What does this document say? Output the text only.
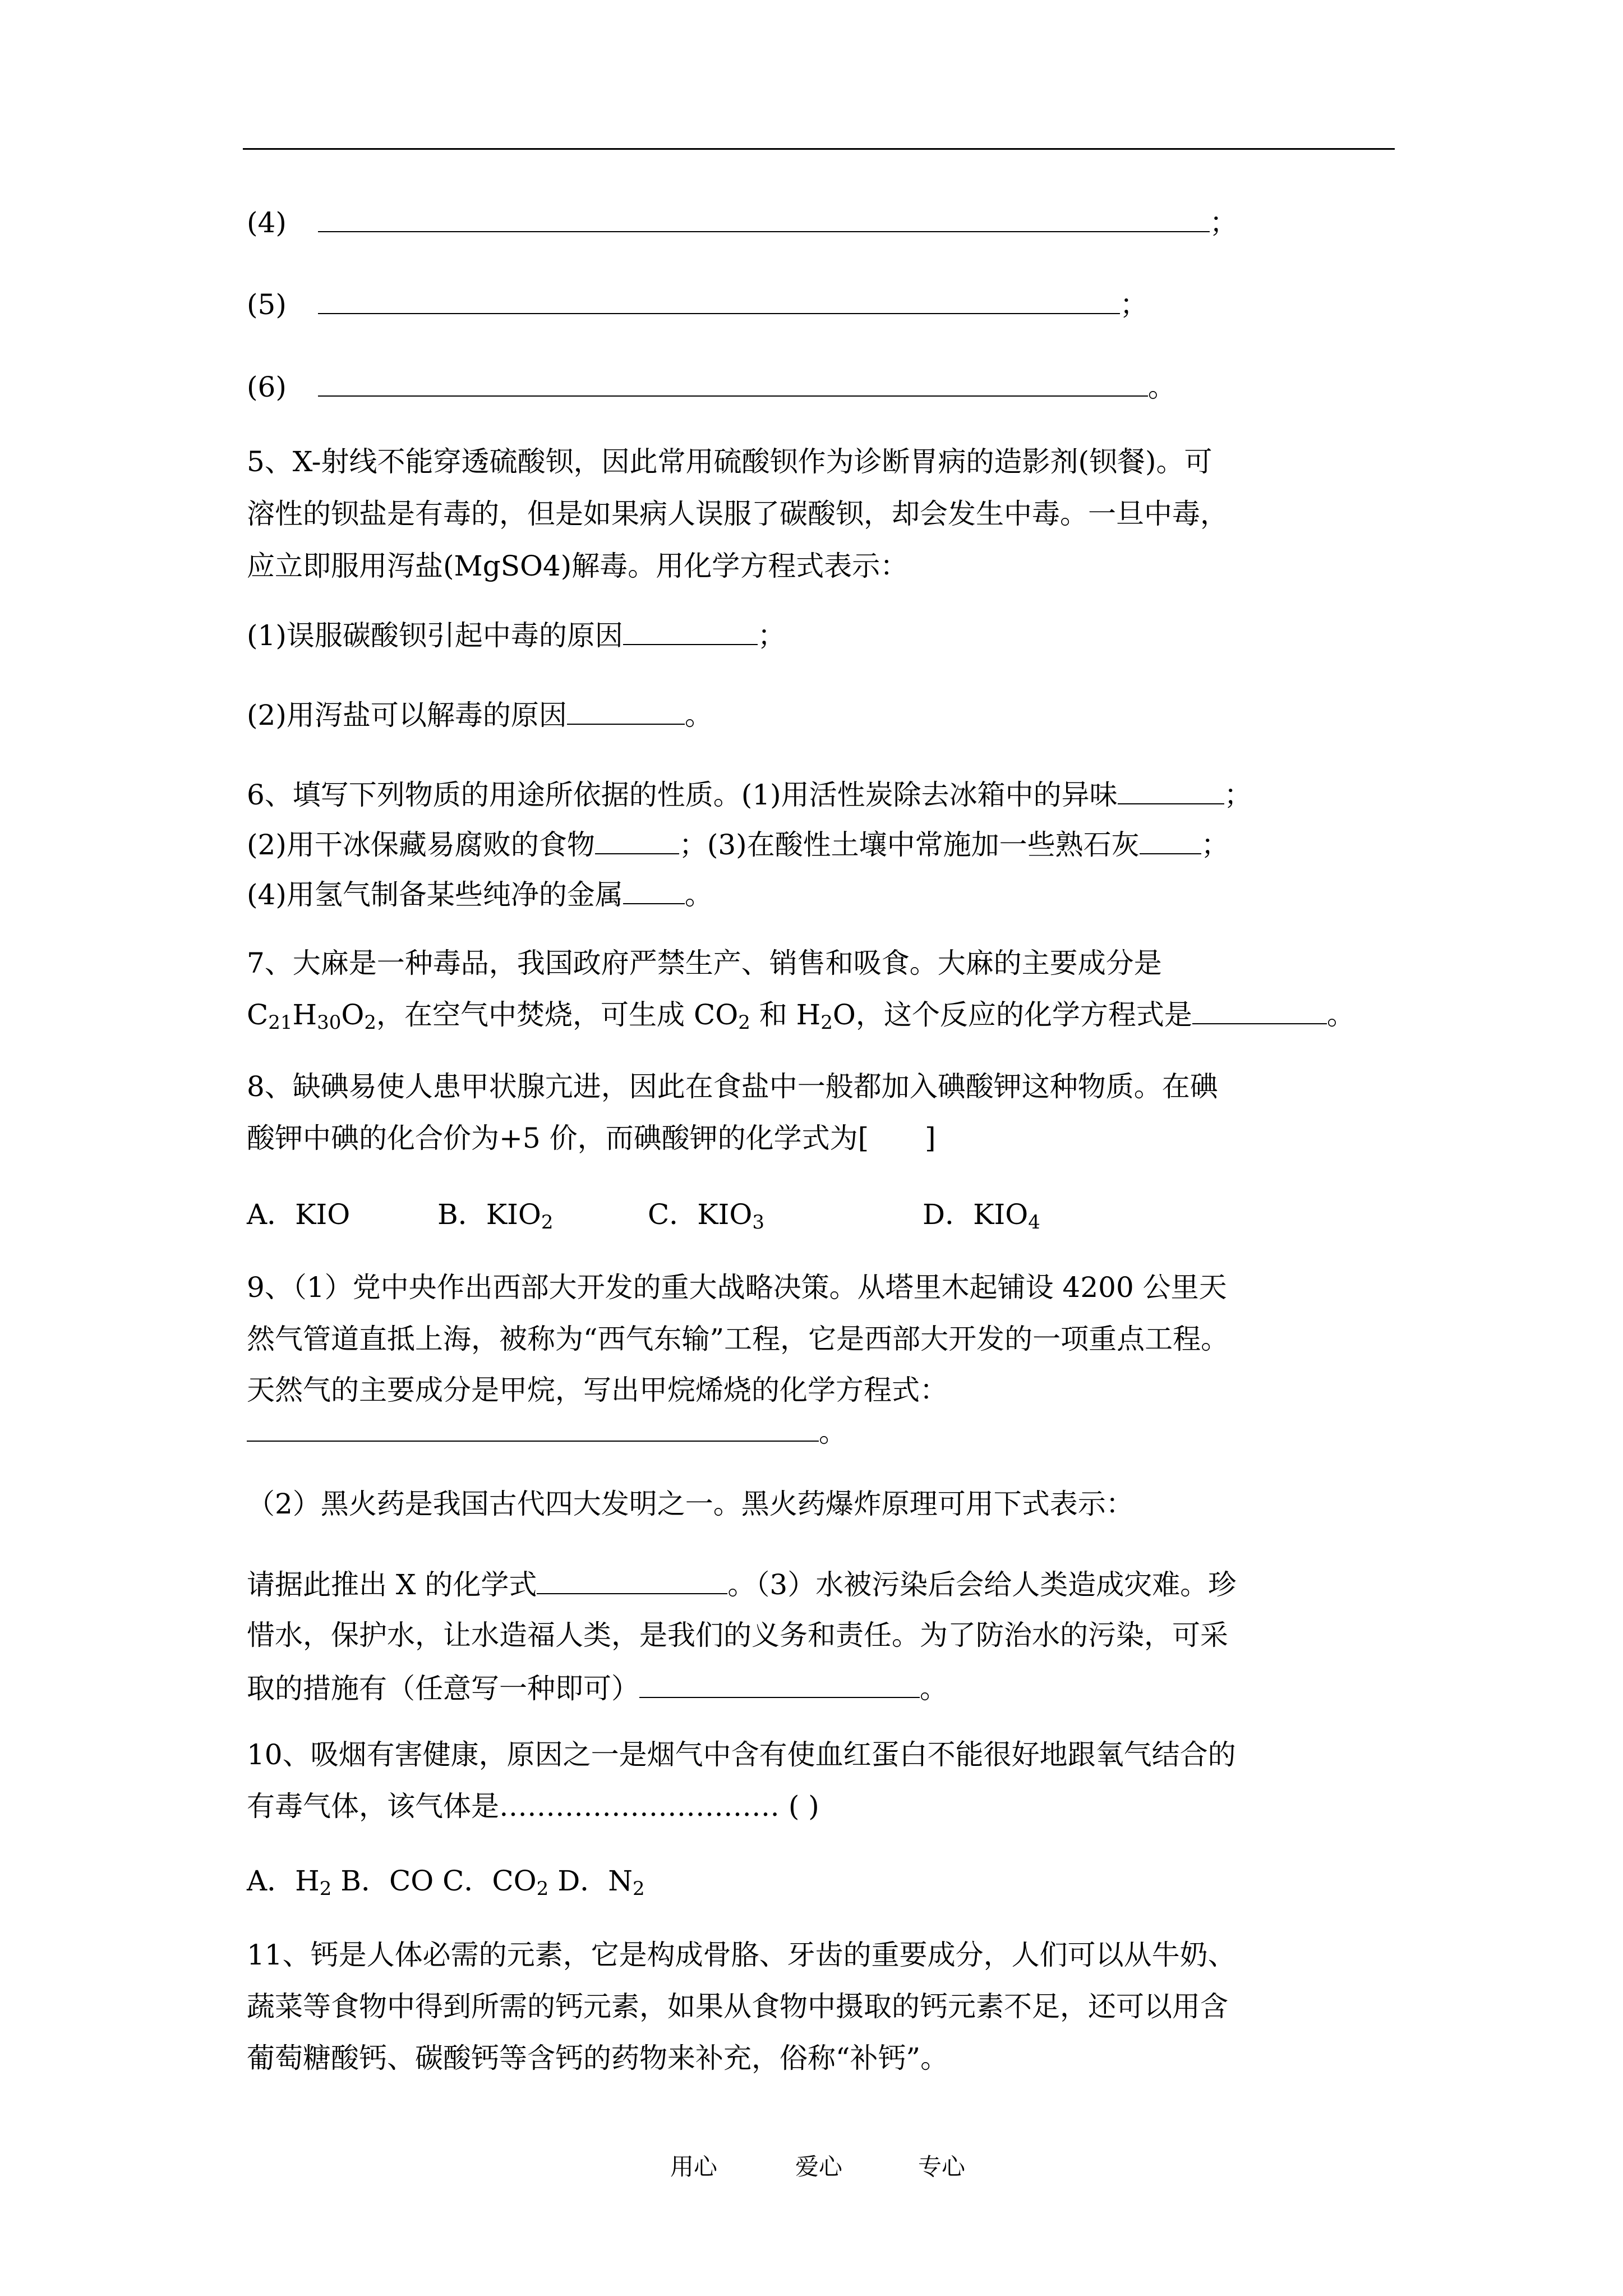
(4)	；
(5)	；
(6)	。
5、X-射线不能穿透硫酸钡，因此常用硫酸钡作为诊断胃病的造影剂(钡餐)。可
溶性的钡盐是有毒的，但是如果病人误服了碳酸钡，却会发生中毒。一旦中毒，
应立即服用泻盐(MgSO4)解毒。用化学方程式表示：
(1)误服碳酸钡引起中毒的原因	；
(2)用泻盐可以解毒的原因	。
6、填写下列物质的用途所依据的性质。(1)用活性炭除去冰箱中的异味	；
(2)用干冰保藏易腐败的食物	；(3)在酸性土壤中常施加一些熟石灰 ；
(4)用氢气制备某些纯净的金属 。
7、大麻是一种毒品，我国政府严禁生产、销售和吸食。大麻的主要成分是
$C_{21}H_{30}O_2$，在空气中焚烧，可生成 $CO_2$ 和 $H_2O$，这个反应的化学方程式是	。
8、缺碘易使人患甲状腺亢进，因此在食盐中一般都加入碘酸钾这种物质。在碘
酸钾中碘的化合价为+5 价，而碘酸钾的化学式为[　　]
A．KIO	B．$KIO_2$	C．$KIO_3$	D．$KIO_4$
9、（1）党中央作出西部大开发的重大战略决策。从塔里木起铺设 4200 公里天
然气管道直抵上海，被称为“西气东输”工程，它是西部大开发的一项重点工程。
天然气的主要成分是甲烷，写出甲烷烯烧的化学方程式：
。
（2）黑火药是我国古代四大发明之一。黑火药爆炸原理可用下式表示：
请据此推出 X 的化学式	。（3）水被污染后会给人类造成灾难。珍
惜水，保护水，让水造福人类，是我们的义务和责任。为了防治水的污染，可采
取的措施有（任意写一种即可）	。
10、吸烟有害健康，原因之一是烟气中含有使血红蛋白不能很好地跟氧气结合的
有毒气体，该气体是………………………… ( )
A．$H_2$ B．CO C．$CO_2$ D．$N_2$
11、钙是人体必需的元素，它是构成骨胳、牙齿的重要成分，人们可以从牛奶、
蔬菜等食物中得到所需的钙元素，如果从食物中摄取的钙元素不足，还可以用含
葡萄糖酸钙、碳酸钙等含钙的药物来补充，俗称“补钙”。
用心	爱心	专心
